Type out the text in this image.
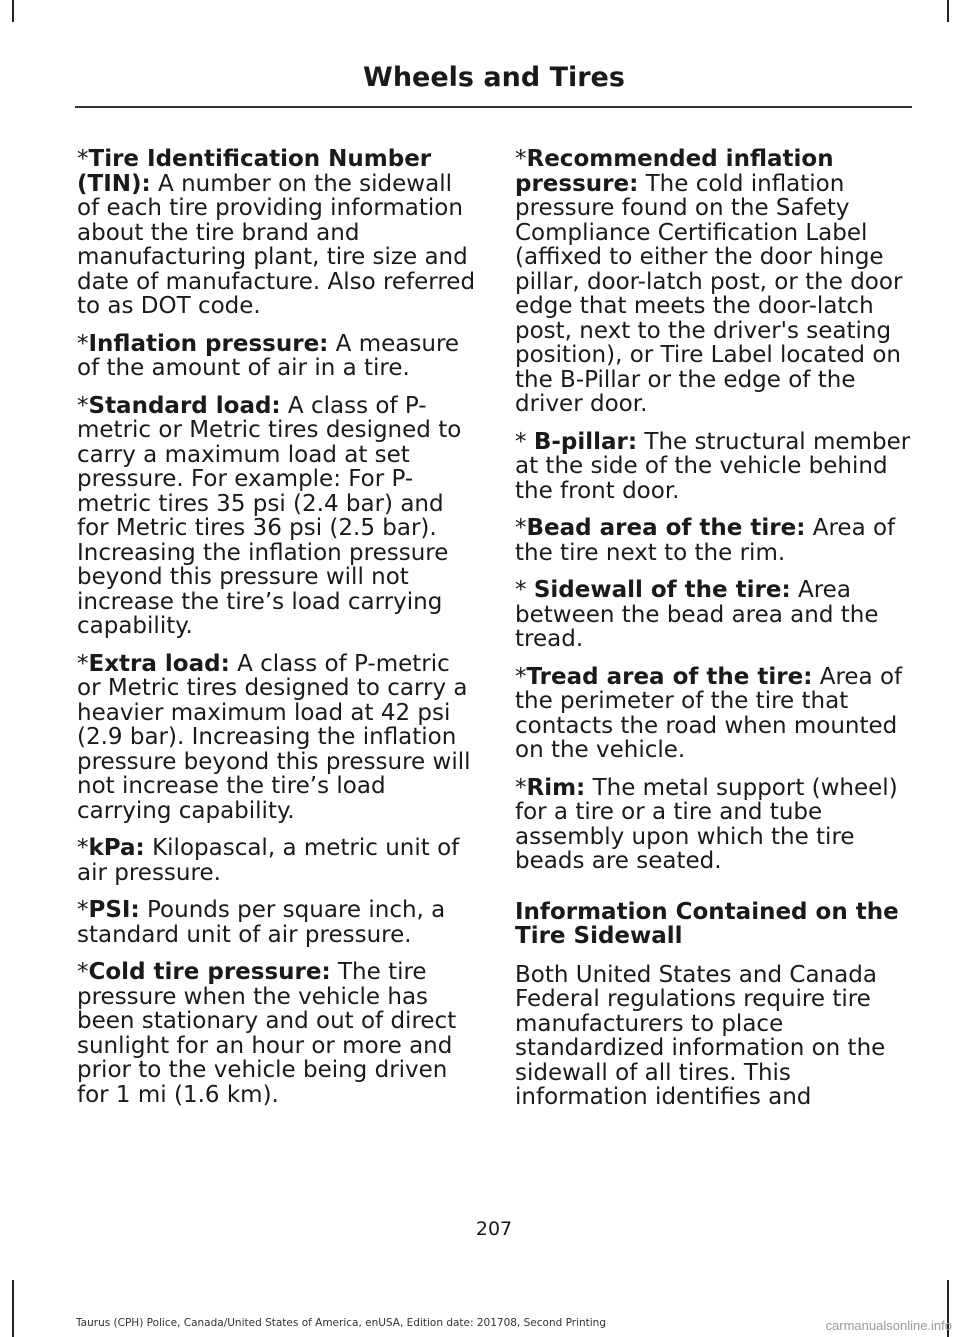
Wheels and Tires

*Tire Identification Number (TIN): A number on the sidewall of each tire providing information about the tire brand and manufacturing plant, tire size and date of manufacture. Also referred to as DOT code.

*Inflation pressure: A measure of the amount of air in a tire.

*Standard load: A class of P-metric or Metric tires designed to carry a maximum load at set pressure. For example: For P-metric tires 35 psi (2.4 bar) and for Metric tires 36 psi (2.5 bar). Increasing the inflation pressure beyond this pressure will not increase the tire’s load carrying capability.

*Extra load: A class of P-metric or Metric tires designed to carry a heavier maximum load at 42 psi (2.9 bar). Increasing the inflation pressure beyond this pressure will not increase the tire’s load carrying capability.

*kPa: Kilopascal, a metric unit of air pressure.

*PSI: Pounds per square inch, a standard unit of air pressure.

*Cold tire pressure: The tire pressure when the vehicle has been stationary and out of direct sunlight for an hour or more and prior to the vehicle being driven for 1 mi (1.6 km).

*Recommended inflation pressure: The cold inflation pressure found on the Safety Compliance Certification Label (affixed to either the door hinge pillar, door-latch post, or the door edge that meets the door-latch post, next to the driver's seating position), or Tire Label located on the B-Pillar or the edge of the driver door.

* B-pillar: The structural member at the side of the vehicle behind the front door.

*Bead area of the tire: Area of the tire next to the rim.

* Sidewall of the tire: Area between the bead area and the tread.

*Tread area of the tire: Area of the perimeter of the tire that contacts the road when mounted on the vehicle.

*Rim: The metal support (wheel) for a tire or a tire and tube assembly upon which the tire beads are seated.

Information Contained on the Tire Sidewall

Both United States and Canada Federal regulations require tire manufacturers to place standardized information on the sidewall of all tires. This information identifies and

207
Taurus (CPH) Police, Canada/United States of America, enUSA, Edition date: 201708, Second Printing	carmanualsonline.info
